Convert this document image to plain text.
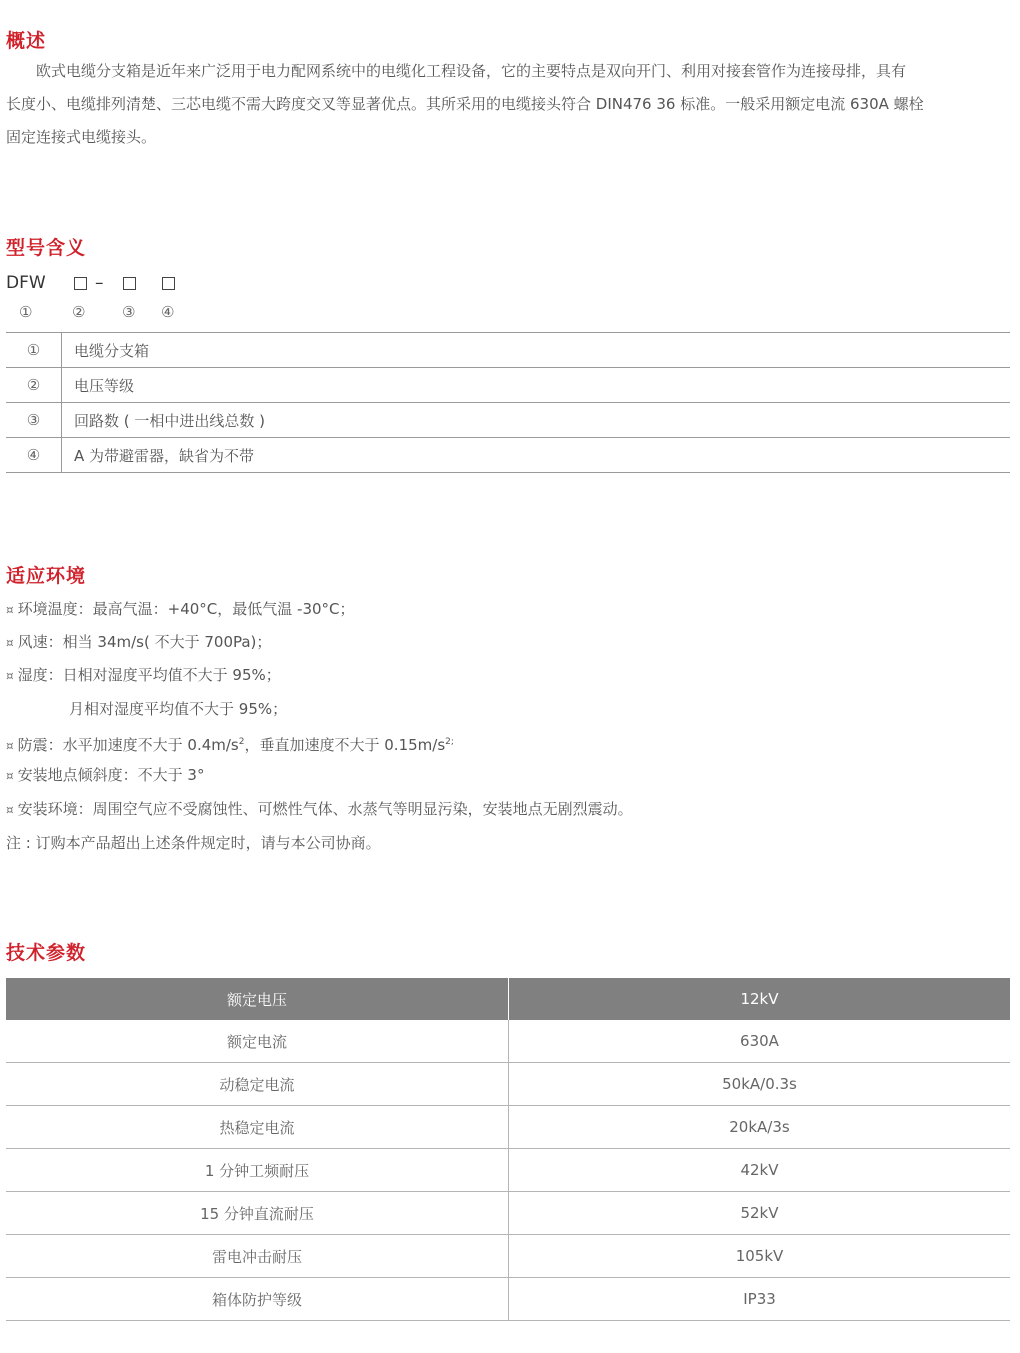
概述
欧式电缆分支箱是近年来广泛用于电力配网系统中的电缆化工程设备，它的主要特点是双向开门、利用对接套管作为连接母排，具有
长度小、电缆排列清楚、三芯电缆不需大跨度交叉等显著优点。其所采用的电缆接头符合 DIN476 36 标准。一般采用额定电流 630A 螺栓
固定连接式电缆接头。
型号含义
DFW	–
①	② ③ ④
①	电缆分支箱
②	电压等级
③	回路数 ( 一相中进出线总数 )
④	A 为带避雷器，缺省为不带
适应环境

¤ 环境温度：最高气温：+40°C，最低气温 -30°C；

¤ 风速：相当 34m/s( 不大于 700Pa)；

¤ 湿度：日相对湿度平均值不大于 95%；

月相对湿度平均值不大于 95%；

¤ 防震：水平加速度不大于 $0.4m/s^2$，垂直加速度不大于 $0.15m/s^{2;}$

¤ 安装地点倾斜度：不大于 3°

¤ 安装环境：周围空气应不受腐蚀性、可燃性气体、水蒸气等明显污染，安装地点无剧烈震动。

注 : 订购本产品超出上述条件规定时，请与本公司协商。

技术参数
额定电压	12kV
额定电流	630A
动稳定电流	50kA/0.3s
热稳定电流	20kA/3s
1 分钟工频耐压	42kV
15 分钟直流耐压	52kV
雷电冲击耐压	105kV
箱体防护等级	IP33
